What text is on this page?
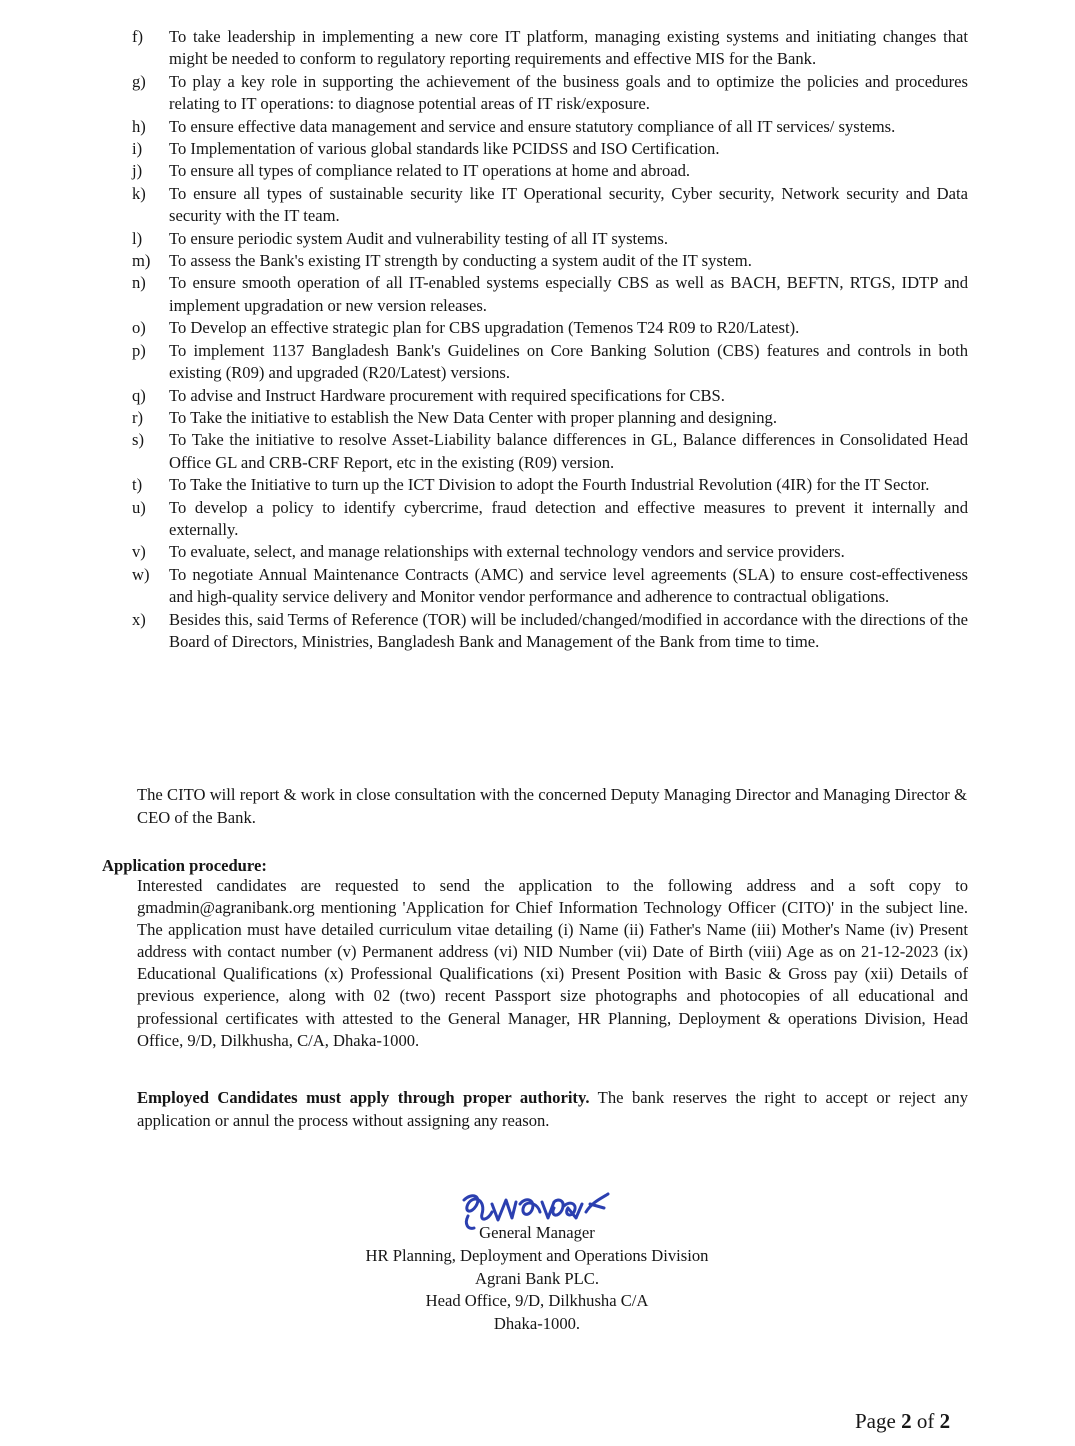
f)	To take leadership in implementing a new core IT platform, managing existing systems and initiating changes that might be needed to conform to regulatory reporting requirements and effective MIS for the Bank.
g)	To play a key role in supporting the achievement of the business goals and to optimize the policies and procedures relating to IT operations: to diagnose potential areas of IT risk/exposure.
h)	To ensure effective data management and service and ensure statutory compliance of all IT services/ systems.
i)	To Implementation of various global standards like PCIDSS and ISO Certification.
j)	To ensure all types of compliance related to IT operations at home and abroad.
k)	To ensure all types of sustainable security like IT Operational security, Cyber security, Network security and Data security with the IT team.
l)	To ensure periodic system Audit and vulnerability testing of all IT systems.
m)	To assess the Bank's existing IT strength by conducting a system audit of the IT system.
n)	To ensure smooth operation of all IT-enabled systems especially CBS as well as BACH, BEFTN, RTGS, IDTP and implement upgradation or new version releases.
o)	To Develop an effective strategic plan for CBS upgradation (Temenos T24 R09 to R20/Latest).
p)	To implement 1137 Bangladesh Bank's Guidelines on Core Banking Solution (CBS) features and controls in both existing (R09) and upgraded (R20/Latest) versions.
q)	To advise and Instruct Hardware procurement with required specifications for CBS.
r)	To Take the initiative to establish the New Data Center with proper planning and designing.
s)	To Take the initiative to resolve Asset-Liability balance differences in GL, Balance differences in Consolidated Head Office GL and CRB-CRF Report, etc in the existing (R09) version.
t)	To Take the Initiative to turn up the ICT Division to adopt the Fourth Industrial Revolution (4IR) for the IT Sector.
u)	To develop a policy to identify cybercrime, fraud detection and effective measures to prevent it internally and externally.
v)	To evaluate, select, and manage relationships with external technology vendors and service providers.
w)	To negotiate Annual Maintenance Contracts (AMC) and service level agreements (SLA) to ensure cost-effectiveness and high-quality service delivery and Monitor vendor performance and adherence to contractual obligations.
x)	Besides this, said Terms of Reference (TOR) will be included/changed/modified in accordance with the directions of the Board of Directors, Ministries, Bangladesh Bank and Management of the Bank from time to time.
The CITO will report & work in close consultation with the concerned Deputy Managing Director and Managing Director & CEO of the Bank.
Application procedure:
Interested candidates are requested to send the application to the following address and a soft copy to gmadmin@agranibank.org mentioning 'Application for Chief Information Technology Officer (CITO)' in the subject line. The application must have detailed curriculum vitae detailing (i) Name (ii) Father's Name (iii) Mother's Name (iv) Present address with contact number (v) Permanent address (vi) NID Number (vii) Date of Birth (viii) Age as on 21-12-2023 (ix) Educational Qualifications (x) Professional Qualifications (xi) Present Position with Basic & Gross pay (xii) Details of previous experience, along with 02 (two) recent Passport size photographs and photocopies of all educational and professional certificates with attested to the General Manager, HR Planning, Deployment & operations Division, Head Office, 9/D, Dilkhusha, C/A, Dhaka-1000.
Employed Candidates must apply through proper authority. The bank reserves the right to accept or reject any application or annul the process without assigning any reason.
General Manager
HR Planning, Deployment and Operations Division
Agrani Bank PLC.
Head Office, 9/D, Dilkhusha C/A
Dhaka-1000.
Page 2 of 2
